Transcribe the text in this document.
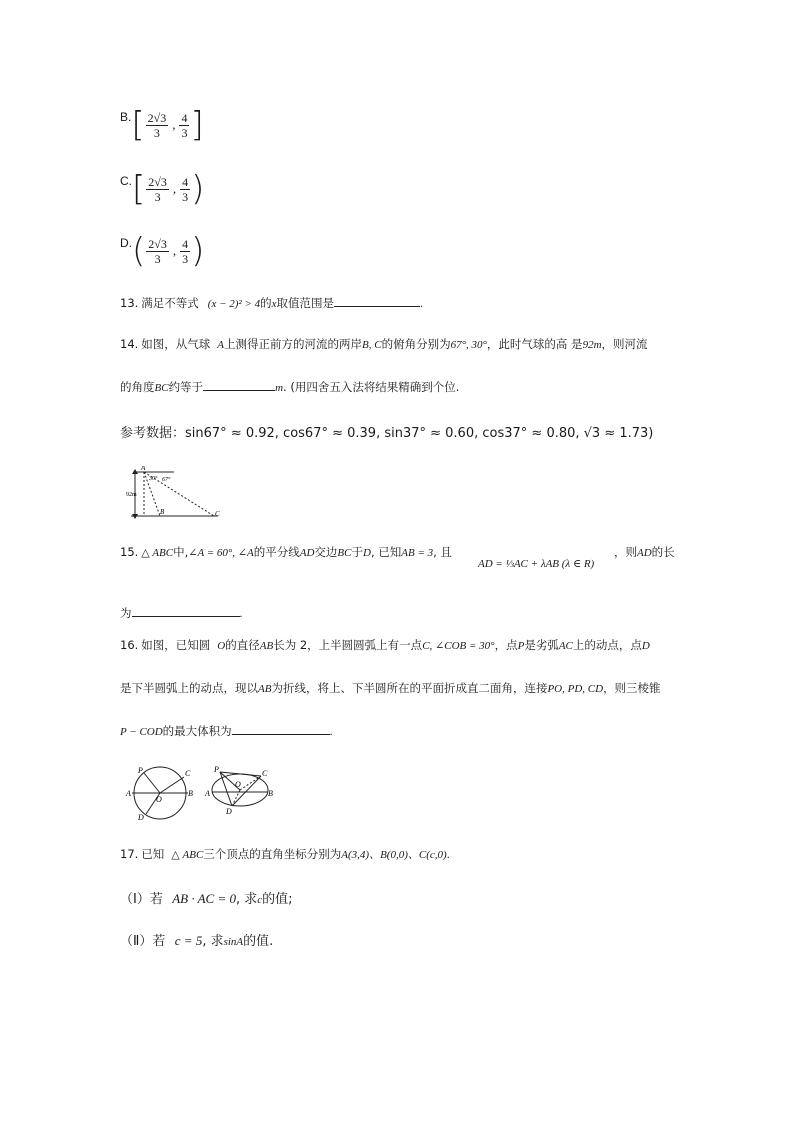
B. [ $\frac{2√3}{3}$ , $\frac{4}{3}$ ]
C. [ $\frac{2√3}{3}$ , $\frac{4}{3}$ )
D. ( $\frac{2√3}{3}$ , $\frac{4}{3}$ )
13. 满足不等式 (x − 2)² > 4的x取值范围是	.
14. 如图，从气球 A上测得正前方的河流的两岸B, C的俯角分别为67°, 30°，此时气球的高 是92m，则河流
的角度BC约等于	m. (用四舍五入法将结果精确到个位.
参考数据：sin67° ≈ 0.92, cos67° ≈ 0.39, sin37° ≈ 0.60, cos37° ≈ 0.80, √3 ≈ 1.73)
A
92m
30° 67°
B	C
15. △ ABC中,∠A = 60°, ∠A的平分线AD交边BC于D, 已知AB = 3, 且
AD = ⅓AC + λAB (λ ∈ R)
，则AD的长
为	.
16. 如图，已知圆 O的直径AB长为 2，上半圆圆弧上有一点C, ∠COB = 30°，点P是劣弧AC上的动点，点D
是下半圆弧上的动点，现以AB为折线，将上、下半圆所在的平面折成直二面角，连接PO, PD, CD，则三棱锥
P − COD的最大体积为	.
P	C
A
O
B
D
P	C
A
O
B
D
17. 已知 △ ABC三个顶点的直角坐标分别为A(3,4)、B(0,0)、C(c,0).
（Ⅰ）若 AB · AC = 0, 求c的值;
（Ⅱ）若 c = 5, 求sinA的值.
